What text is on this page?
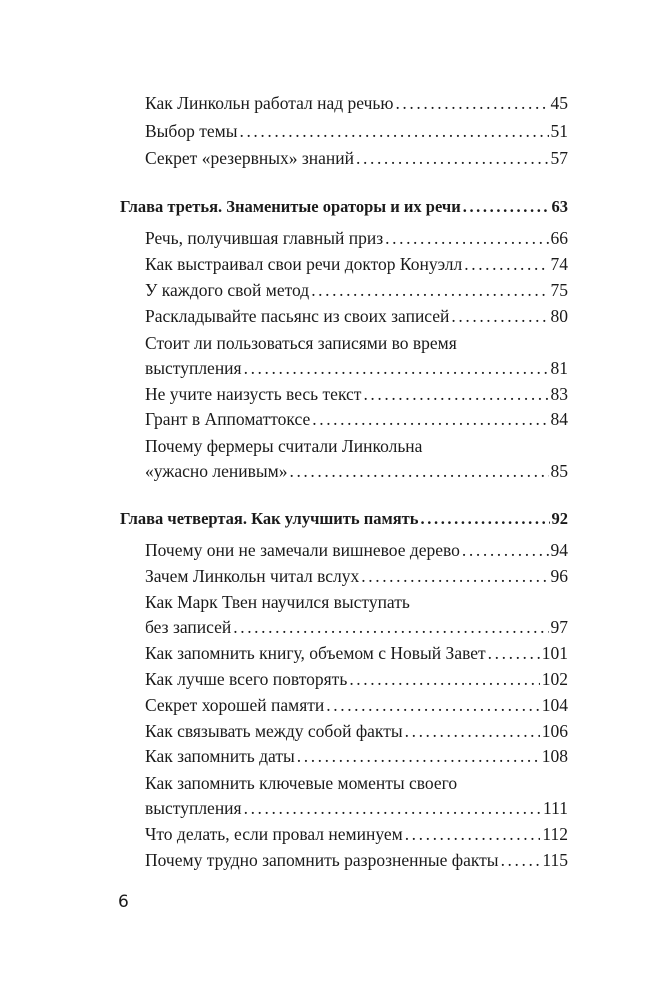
Как Линкольн работал над речью .....	45
Выбор темы .....	51
Секрет «резервных» знаний .....	57
Глава третья. Знаменитые ораторы и их речи .....	63
Речь, получившая главный приз .....	66
Как выстраивал свои речи доктор Конуэлл .....	74
У каждого свой метод .....	75
Раскладывайте пасьянс из своих записей .....	80
Стоит ли пользоваться записями во время
выступления .....	81
Не учите наизусть весь текст .....	83
Грант в Аппоматтоксе .....	84
Почему фермеры считали Линкольна
«ужасно ленивым» .....	85
Глава четвертая. Как улучшить память .....	92
Почему они не замечали вишневое дерево .....	94
Зачем Линкольн читал вслух .....	96
Как Марк Твен научился выступать
без записей .....	97
Как запомнить книгу, объемом с Новый Завет .....	101
Как лучше всего повторять .....	102
Секрет хорошей памяти .....	104
Как связывать между собой факты .....	106
Как запомнить даты .....	108
Как запомнить ключевые моменты своего
выступления .....	111
Что делать, если провал неминуем .....	112
Почему трудно запомнить разрозненные факты .....	115
6
